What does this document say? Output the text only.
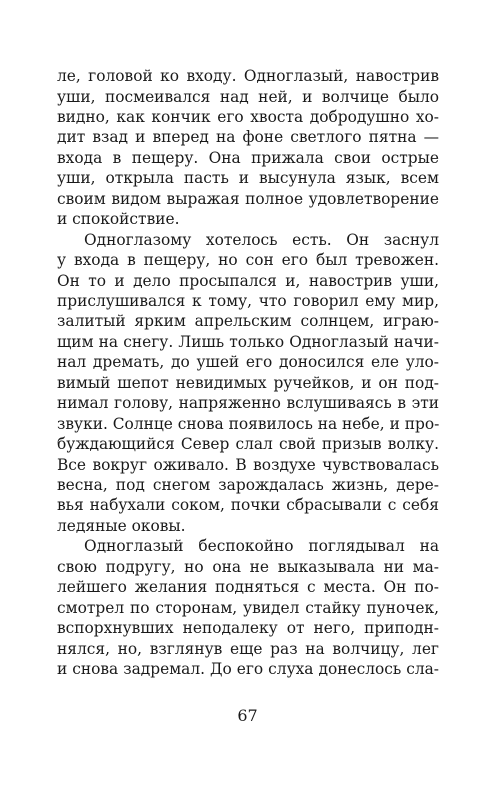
ле, головой ко входу. Одноглазый, навострив
уши, посмеивался над ней, и волчице было
видно, как кончик его хвоста добродушно хо-
дит взад и вперед на фоне светлого пятна —
входа в пещеру. Она прижала свои острые
уши, открыла пасть и высунула язык, всем
своим видом выражая полное удовлетворение
и спокойствие.
Одноглазому хотелось есть. Он заснул
у входа в пещеру, но сон его был тревожен.
Он то и дело просыпался и, навострив уши,
прислушивался к тому, что говорил ему мир,
залитый ярким апрельским солнцем, играю-
щим на снегу. Лишь только Одноглазый начи-
нал дремать, до ушей его доносился еле уло-
вимый шепот невидимых ручейков, и он под-
нимал голову, напряженно вслушиваясь в эти
звуки. Солнце снова появилось на небе, и про-
буждающийся Север слал свой призыв волку.
Все вокруг оживало. В воздухе чувствовалась
весна, под снегом зарождалась жизнь, дере-
вья набухали соком, почки сбрасывали с себя
ледяные оковы.
Одноглазый беспокойно поглядывал на
свою подругу, но она не выказывала ни ма-
лейшего желания подняться с места. Он по-
смотрел по сторонам, увидел стайку пуночек,
вспорхнувших неподалеку от него, приподн-
нялся, но, взглянув еще раз на волчицу, лег
и снова задремал. До его слуха донеслось сла-
67
